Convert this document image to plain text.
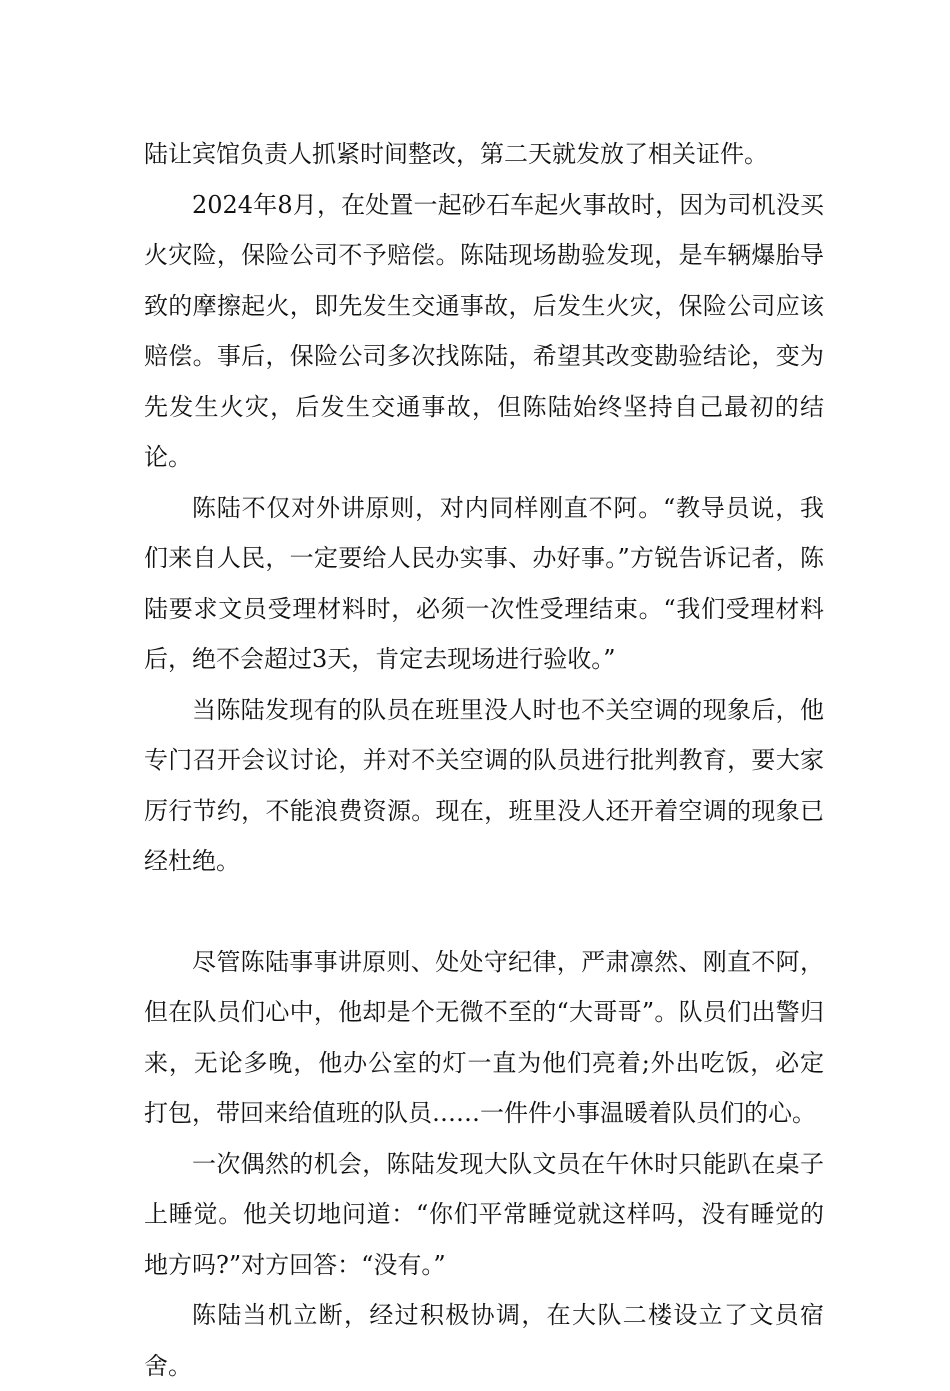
陆让宾馆负责人抓紧时间整改，第二天就发放了相关证件。

2024年8月，在处置一起砂石车起火事故时，因为司机没买火灾险，保险公司不予赔偿。陈陆现场勘验发现，是车辆爆胎导致的摩擦起火，即先发生交通事故，后发生火灾，保险公司应该赔偿。事后，保险公司多次找陈陆，希望其改变勘验结论，变为先发生火灾，后发生交通事故，但陈陆始终坚持自己最初的结论。

陈陆不仅对外讲原则，对内同样刚直不阿。“教导员说，我们来自人民，一定要给人民办实事、办好事。”方锐告诉记者，陈陆要求文员受理材料时，必须一次性受理结束。“我们受理材料后，绝不会超过3天，肯定去现场进行验收。”

当陈陆发现有的队员在班里没人时也不关空调的现象后，他专门召开会议讨论，并对不关空调的队员进行批判教育，要大家厉行节约，不能浪费资源。现在，班里没人还开着空调的现象已经杜绝。

尽管陈陆事事讲原则、处处守纪律，严肃凛然、刚直不阿，但在队员们心中，他却是个无微不至的“大哥哥”。队员们出警归来，无论多晚，他办公室的灯一直为他们亮着;外出吃饭，必定打包，带回来给值班的队员……一件件小事温暖着队员们的心。

一次偶然的机会，陈陆发现大队文员在午休时只能趴在桌子上睡觉。他关切地问道：“你们平常睡觉就这样吗，没有睡觉的地方吗?”对方回答：“没有。”

陈陆当机立断，经过积极协调，在大队二楼设立了文员宿舍。
